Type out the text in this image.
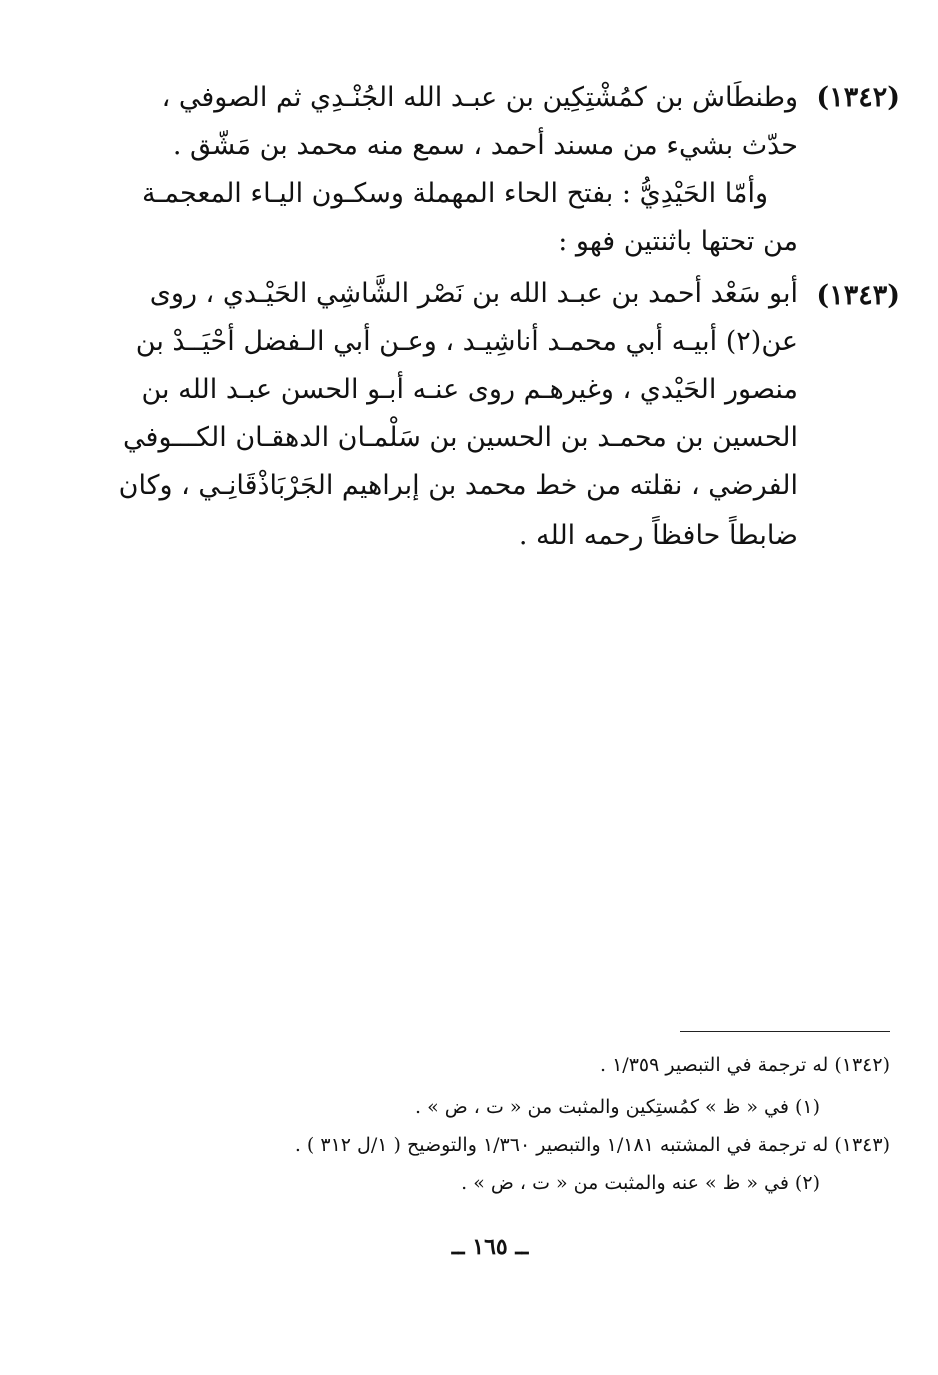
(١٣٤٢)
وطنطَاش بن كمُشْتِكِين بن عبـد الله الجُنْـدِي ثم الصوفي ،
حدّث بشيء من مسند أحمد ، سمع منه محمد بن مَشّق .
وأمّا الحَيْدِيُّ : بفتح الحاء المهملة وسكـون اليـاء المعجمـة
من تحتها باثنتين فهو :
(١٣٤٣)
أبو سَعْد أحمد بن عبـد الله بن نَصْر الشَّاشِي الحَيْـدي ، روى
عن(٢) أبيـه أبي محمـد أناشِيـد ، وعـن أبي الـفضل أحْيَــدْ بن
منصور الحَيْدي ، وغيرهـم روى عنـه أبـو الحسن عبـد الله بن
الحسين بن محمـد بن الحسين بن سَلْمـان الدهقـان الكـــوفي
الفرضي ، نقلته من خط محمد بن إبراهيم الجَرْبَاذْقَانِـي ، وكان
ضابطاً حافظاً رحمه الله .
(١٣٤٢) له ترجمة في التبصير ١/٣٥٩ .
(١) في « ظ » كمُستِكين والمثبت من « ت ، ض » .
(١٣٤٣) له ترجمة في المشتبه ١/١٨١ والتبصير ١/٣٦٠ والتوضيح ( ١/ل ٣١٢ ) .
(٢) في « ظ » عنه والمثبت من « ت ، ض » .
ــ ١٦٥ ــ
